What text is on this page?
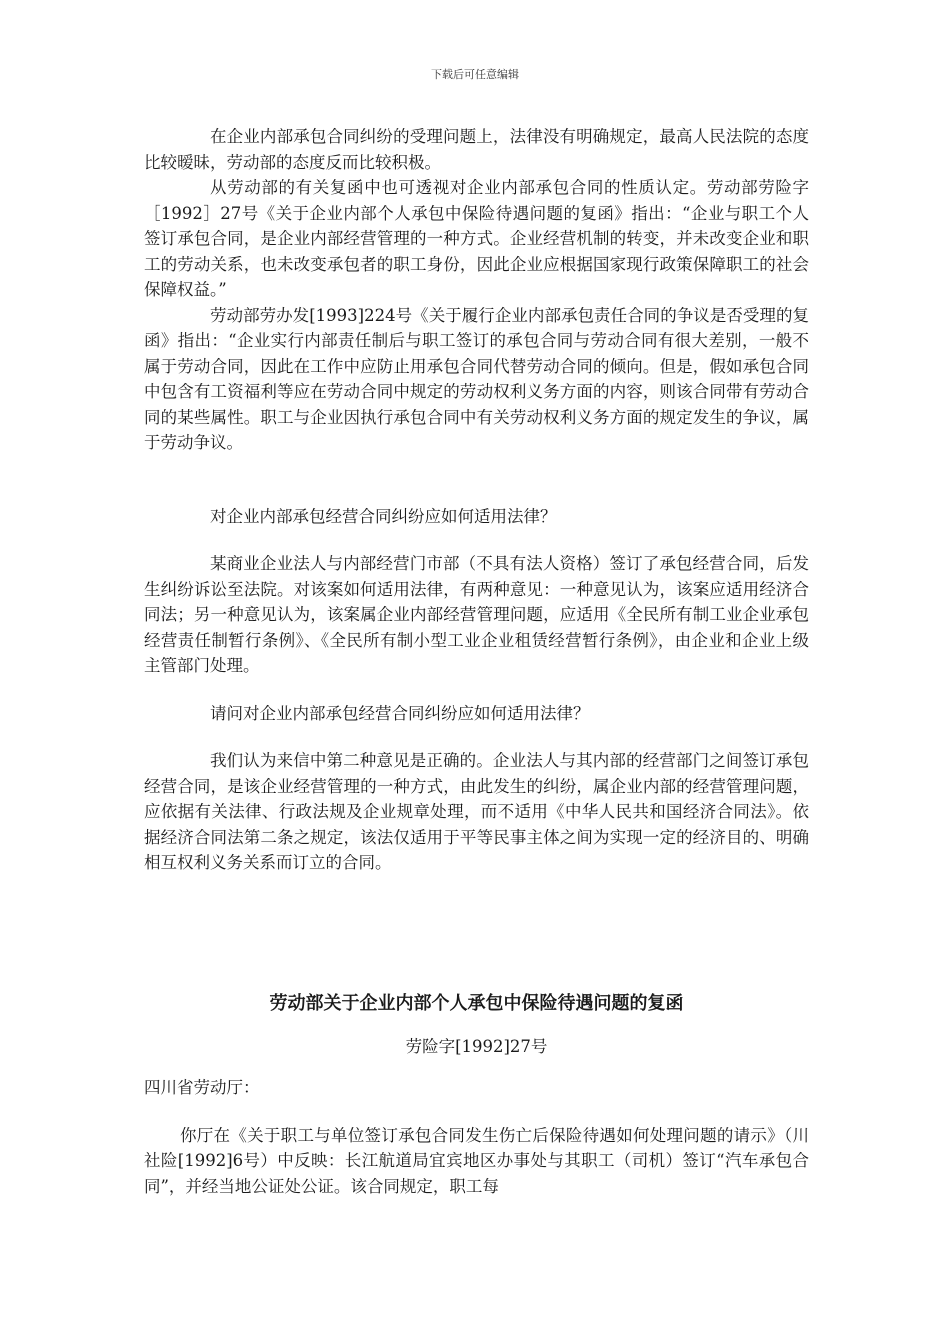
下载后可任意编辑

在企业内部承包合同纠纷的受理问题上，法律没有明确规定，最高人民法院的态度比较暧昧，劳动部的态度反而比较积极。

从劳动部的有关复函中也可透视对企业内部承包合同的性质认定。劳动部劳险字［1992］27号《关于企业内部个人承包中保险待遇问题的复函》指出：“企业与职工个人签订承包合同，是企业内部经营管理的一种方式。企业经营机制的转变，并未改变企业和职工的劳动关系，也未改变承包者的职工身份，因此企业应根据国家现行政策保障职工的社会保障权益。”

劳动部劳办发[1993]224号《关于履行企业内部承包责任合同的争议是否受理的复函》指出：“企业实行内部责任制后与职工签订的承包合同与劳动合同有很大差别，一般不属于劳动合同，因此在工作中应防止用承包合同代替劳动合同的倾向。但是，假如承包合同中包含有工资福利等应在劳动合同中规定的劳动权利义务方面的内容，则该合同带有劳动合同的某些属性。职工与企业因执行承包合同中有关劳动权利义务方面的规定发生的争议，属于劳动争议。

对企业内部承包经营合同纠纷应如何适用法律？

某商业企业法人与内部经营门市部（不具有法人资格）签订了承包经营合同，后发生纠纷诉讼至法院。对该案如何适用法律，有两种意见：一种意见认为，该案应适用经济合同法；另一种意见认为，该案属企业内部经营管理问题，应适用《全民所有制工业企业承包经营责任制暂行条例》、《全民所有制小型工业企业租赁经营暂行条例》，由企业和企业上级主管部门处理。

请问对企业内部承包经营合同纠纷应如何适用法律？

我们认为来信中第二种意见是正确的。企业法人与其内部的经营部门之间签订承包经营合同，是该企业经营管理的一种方式，由此发生的纠纷，属企业内部的经营管理问题，应依据有关法律、行政法规及企业规章处理，而不适用《中华人民共和国经济合同法》。依据经济合同法第二条之规定，该法仅适用于平等民事主体之间为实现一定的经济目的、明确相互权利义务关系而订立的合同。

劳动部关于企业内部个人承包中保险待遇问题的复函

劳险字[1992]27号

四川省劳动厅：

你厅在《关于职工与单位签订承包合同发生伤亡后保险待遇如何处理问题的请示》（川社险[1992]6号）中反映：长江航道局宜宾地区办事处与其职工（司机）签订“汽车承包合同”，并经当地公证处公证。该合同规定，职工每
